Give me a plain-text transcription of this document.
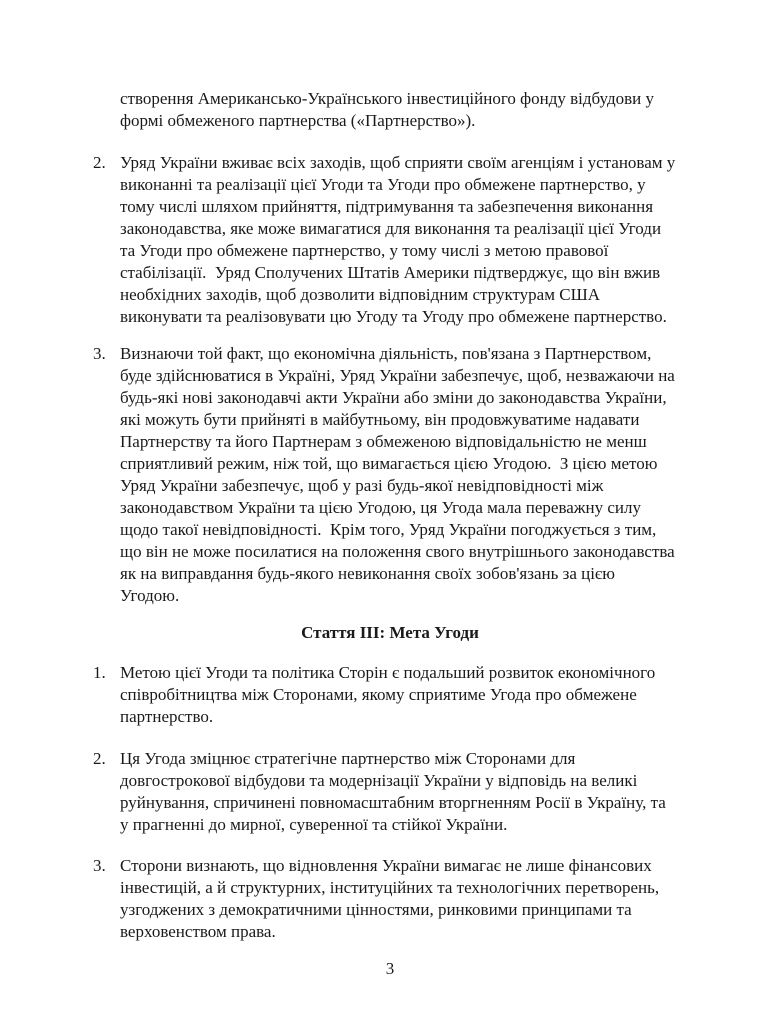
створення Американсько-Українського інвестиційного фонду відбудови у
формі обмеженого партнерства («Партнерство»).
2. Уряд України вживає всіх заходів, щоб сприяти своїм агенціям і установам у
виконанні та реалізації цієї Угоди та Угоди про обмежене партнерство, у
тому числі шляхом прийняття, підтримування та забезпечення виконання
законодавства, яке може вимагатися для виконання та реалізації цієї Угоди
та Угоди про обмежене партнерство, у тому числі з метою правової
стабілізації.  Уряд Сполучених Штатів Америки підтверджує, що він вжив
необхідних заходів, щоб дозволити відповідним структурам США
виконувати та реалізовувати цю Угоду та Угоду про обмежене партнерство.
3. Визнаючи той факт, що економічна діяльність, пов'язана з Партнерством,
буде здійснюватися в Україні, Уряд України забезпечує, щоб, незважаючи на
будь-які нові законодавчі акти України або зміни до законодавства України,
які можуть бути прийняті в майбутньому, він продовжуватиме надавати
Партнерству та його Партнерам з обмеженою відповідальністю не менш
сприятливий режим, ніж той, що вимагається цією Угодою.  З цією метою
Уряд України забезпечує, щоб у разі будь-якої невідповідності між
законодавством України та цією Угодою, ця Угода мала переважну силу
щодо такої невідповідності.  Крім того, Уряд України погоджується з тим,
що він не може посилатися на положення свого внутрішнього законодавства
як на виправдання будь-якого невиконання своїх зобов'язань за цією
Угодою.
Стаття ІІІ: Мета Угоди
1. Метою цієї Угоди та політика Сторін є подальший розвиток економічного
співробітництва між Сторонами, якому сприятиме Угода про обмежене
партнерство.
2. Ця Угода зміцнює стратегічне партнерство між Сторонами для
довгострокової відбудови та модернізації України у відповідь на великі
руйнування, спричинені повномасштабним вторгненням Росії в Україну, та
у прагненні до мирної, суверенної та стійкої України.
3. Сторони визнають, що відновлення України вимагає не лише фінансових
інвестицій, а й структурних, інституційних та технологічних перетворень,
узгоджених з демократичними цінностями, ринковими принципами та
верховенством права.
3
